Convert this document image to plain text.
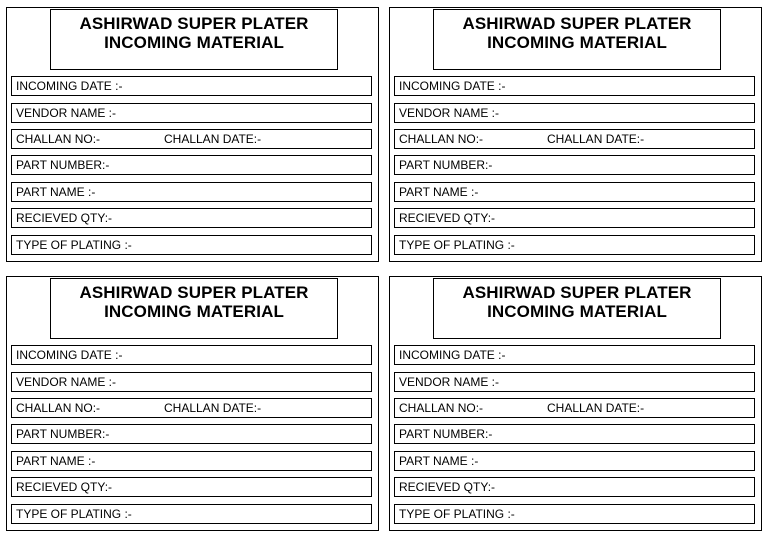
ASHIRWAD SUPER PLATER
INCOMING MATERIAL
INCOMING DATE :-
VENDOR NAME :-
CHALLAN NO:-	CHALLAN DATE:-
PART NUMBER:-
PART NAME :-
RECIEVED QTY:-
TYPE OF PLATING :-
ASHIRWAD SUPER PLATER
INCOMING MATERIAL
INCOMING DATE :-
VENDOR NAME :-
CHALLAN NO:-	CHALLAN DATE:-
PART NUMBER:-
PART NAME :-
RECIEVED QTY:-
TYPE OF PLATING :-
ASHIRWAD SUPER PLATER
INCOMING MATERIAL
INCOMING DATE :-
VENDOR NAME :-
CHALLAN NO:-	CHALLAN DATE:-
PART NUMBER:-
PART NAME :-
RECIEVED QTY:-
TYPE OF PLATING :-
ASHIRWAD SUPER PLATER
INCOMING MATERIAL
INCOMING DATE :-
VENDOR NAME :-
CHALLAN NO:-	CHALLAN DATE:-
PART NUMBER:-
PART NAME :-
RECIEVED QTY:-
TYPE OF PLATING :-
